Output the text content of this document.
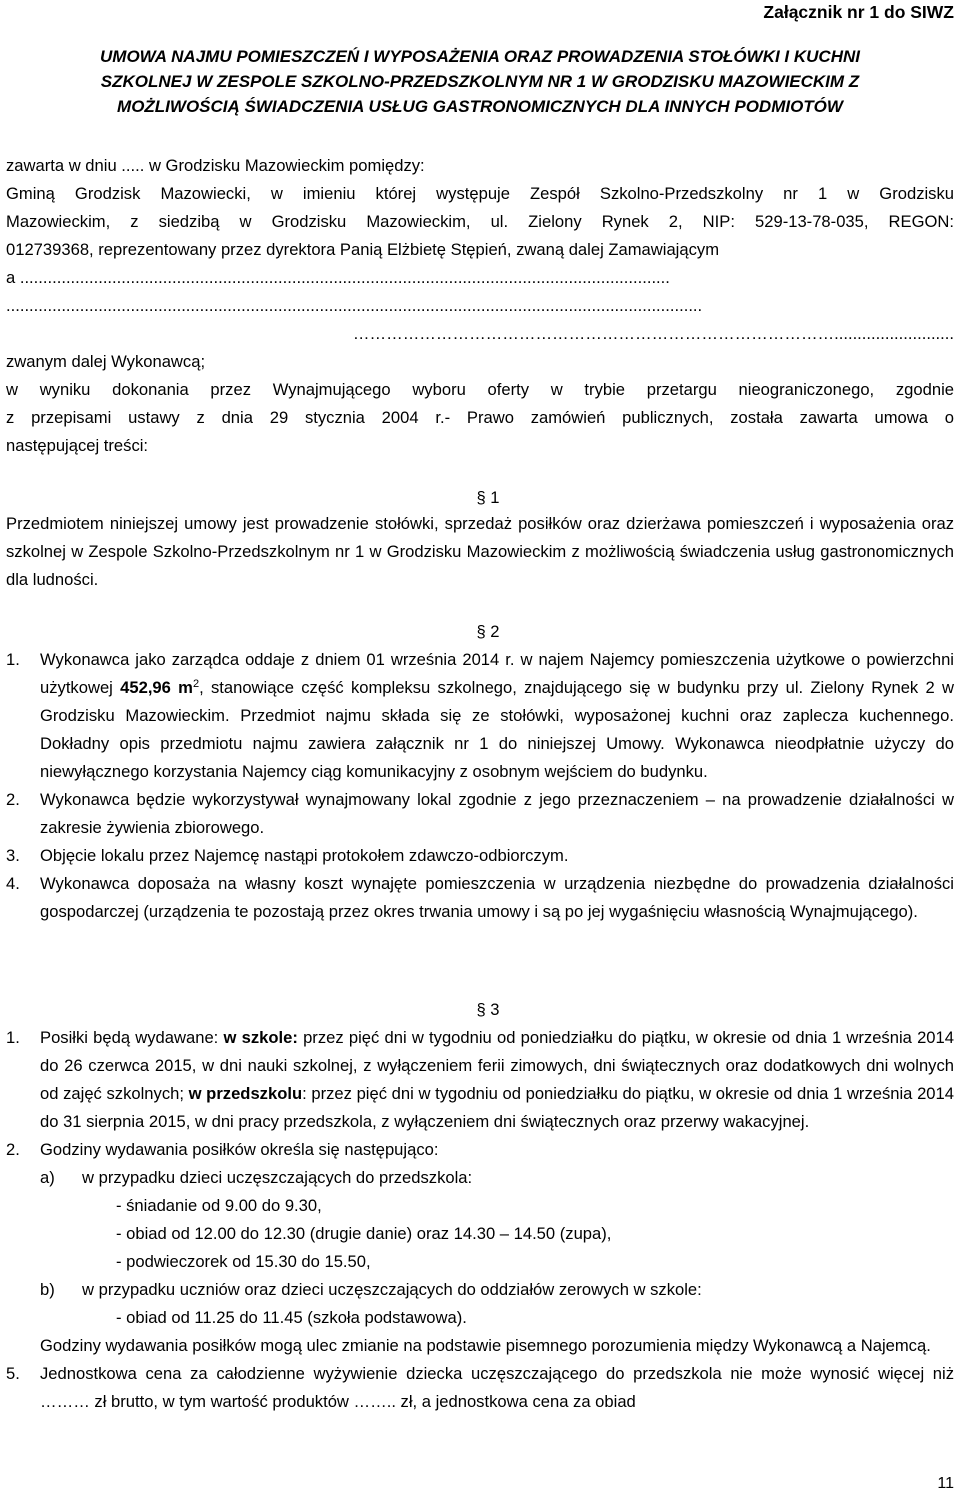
Załącznik nr 1 do SIWZ
UMOWA NAJMU POMIESZCZEŃ I WYPOSAŻENIA ORAZ PROWADZENIA STOŁÓWKI I KUCHNI
SZKOLNEJ W ZESPOLE SZKOLNO-PRZEDSZKOLNYM NR 1 W GRODZISKU MAZOWIECKIM Z
MOŻLIWOŚCIĄ ŚWIADCZENIA USŁUG GASTRONOMICZNYCH DLA INNYCH PODMIOTÓW
zawarta w dniu ..... w Grodzisku Mazowieckim pomiędzy:
Gminą Grodzisk Mazowiecki, w imieniu której występuje Zespół Szkolno-Przedszkolny nr 1 w Grodzisku
Mazowieckim, z siedzibą w Grodzisku Mazowieckim, ul. Zielony Rynek 2, NIP: 529-13-78-035, REGON:
012739368, reprezentowany przez dyrektora Panią Elżbietę Stępień, zwaną dalej Zamawiającym
a .............................................................................................................................................
.......................................................................................................................................................
……………………………………………………………………………..........................
zwanym dalej Wykonawcą;
w wyniku dokonania przez Wynajmującego wyboru oferty w trybie przetargu nieograniczonego, zgodnie
z przepisami ustawy z dnia 29 stycznia 2004 r.- Prawo zamówień publicznych, została zawarta umowa o
następującej treści:
§ 1
Przedmiotem niniejszej umowy jest prowadzenie stołówki, sprzedaż posiłków oraz dzierżawa pomieszczeń i wyposażenia oraz szkolnej w Zespole Szkolno-Przedszkolnym nr 1 w Grodzisku Mazowieckim z możliwością świadczenia usług gastronomicznych dla ludności.
§ 2
1.	Wykonawca jako zarządca oddaje z dniem 01 września 2014 r. w najem Najemcy pomieszczenia użytkowe o powierzchni użytkowej 452,96 $m^2$, stanowiące część kompleksu szkolnego, znajdującego się w budynku przy ul. Zielony Rynek 2 w Grodzisku Mazowieckim. Przedmiot najmu składa się ze stołówki, wyposażonej kuchni oraz zaplecza kuchennego. Dokładny opis przedmiotu najmu zawiera załącznik nr 1 do niniejszej Umowy. Wykonawca nieodpłatnie użyczy do niewyłącznego korzystania Najemcy ciąg komunikacyjny z osobnym wejściem do budynku.
2.	Wykonawca będzie wykorzystywał wynajmowany lokal zgodnie z jego przeznaczeniem – na prowadzenie działalności w zakresie żywienia zbiorowego.
3.	Objęcie lokalu przez Najemcę nastąpi protokołem zdawczo-odbiorczym.
4.	Wykonawca doposaża na własny koszt wynajęte pomieszczenia w urządzenia niezbędne do prowadzenia działalności gospodarczej (urządzenia te pozostają przez okres trwania umowy i są po jej wygaśnięciu własnością Wynajmującego).
§ 3
1.	Posiłki będą wydawane: w szkole: przez pięć dni w tygodniu od poniedziałku do piątku, w okresie od dnia 1 września 2014 do 26 czerwca 2015, w dni nauki szkolnej, z wyłączeniem ferii zimowych, dni świątecznych oraz dodatkowych dni wolnych od zajęć szkolnych; w przedszkolu: przez pięć dni w tygodniu od poniedziałku do piątku, w okresie od dnia 1 września 2014 do 31 sierpnia 2015, w dni pracy przedszkola, z wyłączeniem dni świątecznych oraz przerwy wakacyjnej.
2.	Godziny wydawania posiłków określa się następująco:
a) w przypadku dzieci uczęszczających do przedszkola:
- śniadanie od 9.00 do 9.30,
- obiad od 12.00 do 12.30 (drugie danie) oraz 14.30 – 14.50 (zupa),
- podwieczorek od 15.30 do 15.50,
b) w przypadku uczniów oraz dzieci uczęszczających do oddziałów zerowych w szkole:
- obiad od 11.25 do 11.45 (szkoła podstawowa).
Godziny wydawania posiłków mogą ulec zmianie na podstawie pisemnego porozumienia między Wykonawcą a Najemcą.
5.	Jednostkowa cena za całodzienne wyżywienie dziecka uczęszczającego do przedszkola nie może wynosić więcej niż ……… zł brutto, w tym wartość produktów …….. zł, a jednostkowa cena za obiad
11
